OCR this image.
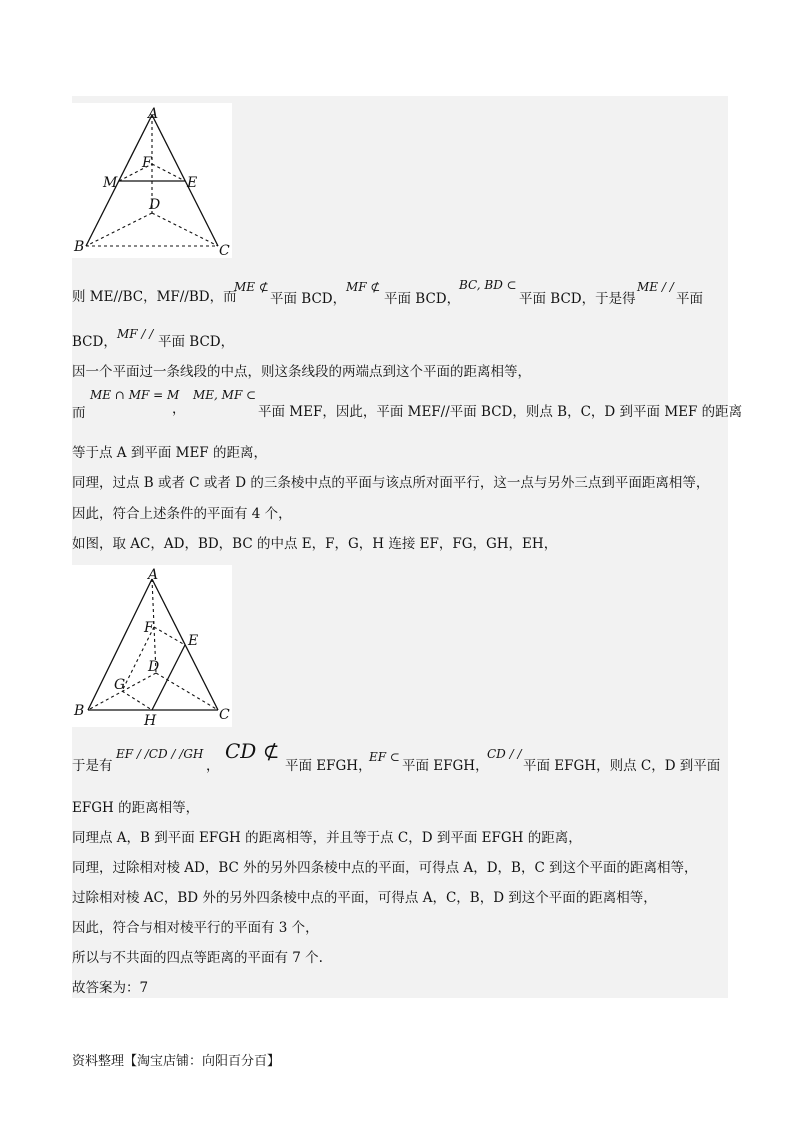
A
F
M	E
D
B	C
则 ME//BC，MF//BD，而
ME ⊄
平面 BCD，
MF ⊄
平面 BCD，
BC, BD ⊂
平面 BCD，于是得
ME / /
平面
BCD， MF / / 平面 BCD，
因一个平面过一条线段的中点，则这条线段的两端点到这个平面的距离相等，
而
ME ∩ MF = M
，
ME, MF ⊂
平面 MEF，因此，平面 MEF//平面 BCD，则点 B，C，D 到平面 MEF 的距离
等于点 A 到平面 MEF 的距离，
同理，过点 B 或者 C 或者 D 的三条棱中点的平面与该点所对面平行，这一点与另外三点到平面距离相等，
因此，符合上述条件的平面有 4 个，
如图，取 AC，AD，BD，BC 的中点 E，F，G，H 连接 EF，FG，GH，EH，
A
F
E
D
G
B
H	C
于是有
EF / /CD / /GH
，
CD ⊄
平面 EFGH，
EF ⊂
平面 EFGH，
CD / /
平面 EFGH，则点 C，D 到平面
EFGH 的距离相等，
同理点 A，B 到平面 EFGH 的距离相等，并且等于点 C，D 到平面 EFGH 的距离，
同理，过除相对棱 AD，BC 外的另外四条棱中点的平面，可得点 A，D，B，C 到这个平面的距离相等，
过除相对棱 AC，BD 外的另外四条棱中点的平面，可得点 A，C，B，D 到这个平面的距离相等，
因此，符合与相对棱平行的平面有 3 个，
所以与不共面的四点等距离的平面有 7 个.
故答案为：7
资料整理【淘宝店铺：向阳百分百】
